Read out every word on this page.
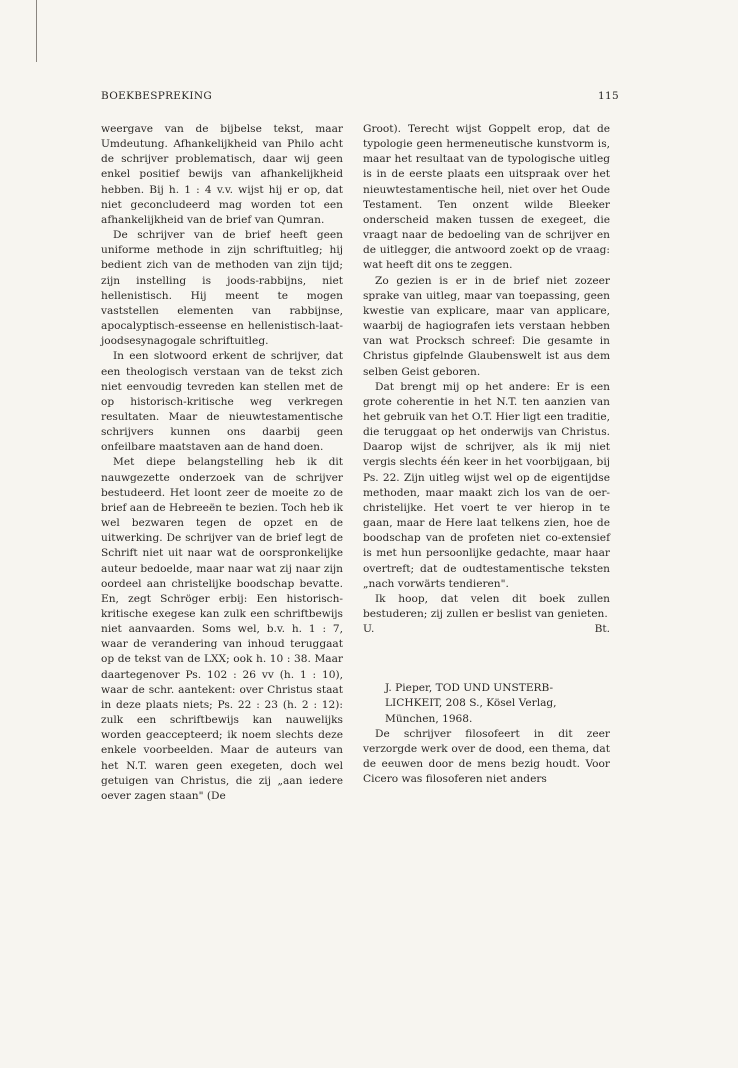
BOEKBESPREKING	115

weergave van de bijbelse tekst, maar Umdeutung. Afhankelijkheid van Philo acht de schrijver problematisch, daar wij geen enkel positief bewijs van afhankelijkheid hebben. Bij h. 1 : 4 v.v. wijst hij er op, dat niet geconcludeerd mag worden tot een afhankelijkheid van de brief van Qumran.

De schrijver van de brief heeft geen uniforme methode in zijn schriftuitleg; hij bedient zich van de methoden van zijn tijd; zijn instelling is joods-rabbijns, niet hellenistisch. Hij meent te mogen vaststellen elementen van rabbijnse, apocalyptisch-esseense en hellenistisch-laat-joodsesynagogale schriftuitleg.

In een slotwoord erkent de schrijver, dat een theologisch verstaan van de tekst zich niet eenvoudig tevreden kan stellen met de op historisch-kritische weg verkregen resultaten. Maar de nieuwtestamentische schrijvers kunnen ons daarbij geen onfeilbare maatstaven aan de hand doen.

Met diepe belangstelling heb ik dit nauwgezette onderzoek van de schrijver bestudeerd. Het loont zeer de moeite zo de brief aan de Hebreeën te bezien. Toch heb ik wel bezwaren tegen de opzet en de uitwerking. De schrijver van de brief legt de Schrift niet uit naar wat de oorspronkelijke auteur bedoelde, maar naar wat zij naar zijn oordeel aan christelijke boodschap bevatte. En, zegt Schröger erbij: Een historisch-kritische exegese kan zulk een schriftbewijs niet aanvaarden. Soms wel, b.v. h. 1 : 7, waar de verandering van inhoud teruggaat op de tekst van de LXX; ook h. 10 : 38. Maar daartegenover Ps. 102 : 26 vv (h. 1 : 10), waar de schr. aantekent: over Christus staat in deze plaats niets; Ps. 22 : 23 (h. 2 : 12): zulk een schriftbewijs kan nauwelijks worden geaccepteerd; ik noem slechts deze enkele voorbeelden. Maar de auteurs van het N.T. waren geen exegeten, doch wel getuigen van Christus, die zij „aan iedere oever zagen staan" (De

Groot). Terecht wijst Goppelt erop, dat de typologie geen hermeneutische kunstvorm is, maar het resultaat van de typologische uitleg is in de eerste plaats een uitspraak over het nieuwtestamentische heil, niet over het Oude Testament. Ten onzent wilde Bleeker onderscheid maken tussen de exegeet, die vraagt naar de bedoeling van de schrijver en de uitlegger, die antwoord zoekt op de vraag: wat heeft dit ons te zeggen.

Zo gezien is er in de brief niet zozeer sprake van uitleg, maar van toepassing, geen kwestie van explicare, maar van applicare, waarbij de hagiografen iets verstaan hebben van wat Procksch schreef: Die gesamte in Christus gipfelnde Glaubenswelt ist aus dem selben Geist geboren.

Dat brengt mij op het andere: Er is een grote coherentie in het N.T. ten aanzien van het gebruik van het O.T. Hier ligt een traditie, die teruggaat op het onderwijs van Christus. Daarop wijst de schrijver, als ik mij niet vergis slechts één keer in het voorbijgaan, bij Ps. 22. Zijn uitleg wijst wel op de eigentijdse methoden, maar maakt zich los van de oer-christelijke. Het voert te ver hierop in te gaan, maar de Here laat telkens zien, hoe de boodschap van de profeten niet co-extensief is met hun persoonlijke gedachte, maar haar overtreft; dat de oudtestamentische teksten „nach vorwärts tendieren".

Ik hoop, dat velen dit boek zullen bestuderen; zij zullen er beslist van genieten.

U.	Bt.
J. Pieper, TOD UND UNSTERB-
LICHKEIT, 208 S., Kösel Verlag,
München, 1968.

De schrijver filosofeert in dit zeer verzorgde werk over de dood, een thema, dat de eeuwen door de mens bezig houdt. Voor Cicero was filosoferen niet anders
